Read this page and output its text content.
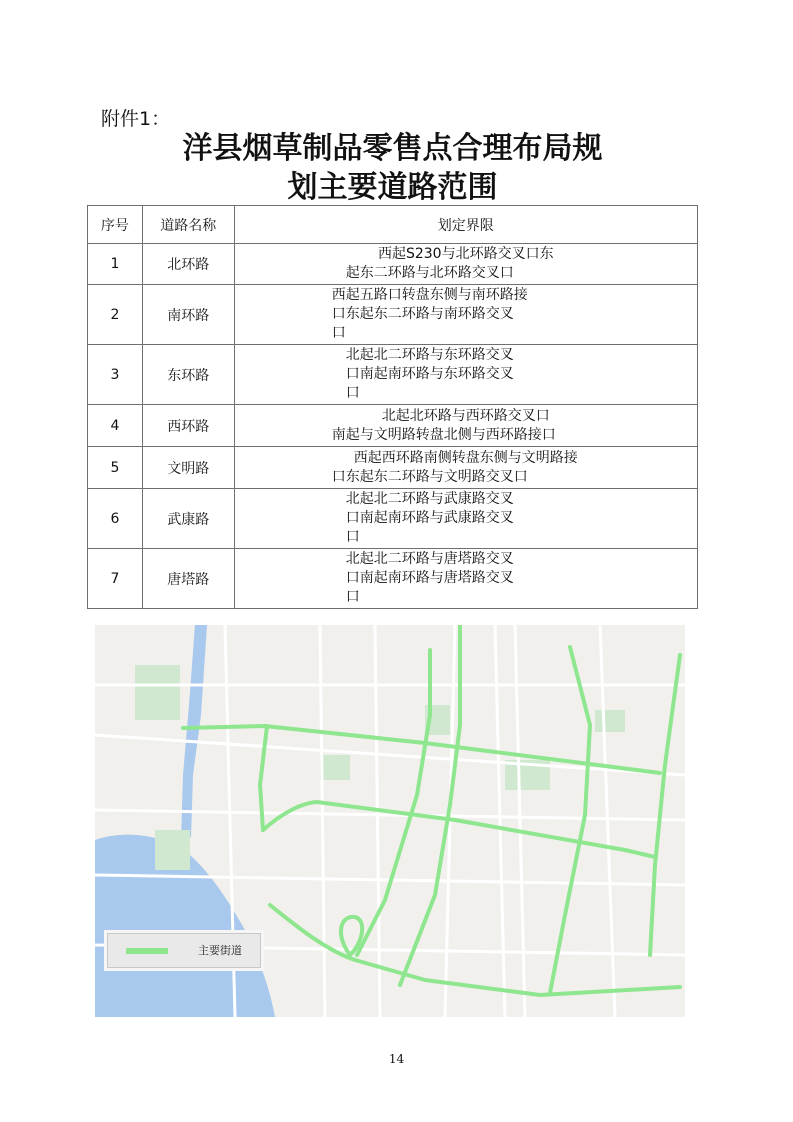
附件1：
洋县烟草制品零售点合理布局规
划主要道路范围
序号	道路名称	划定界限
1	北环路	西起S230与北环路交叉口东
起东二环路与北环路交叉口

2	南环路	西起五路口转盘东侧与南环路接
口东起东二环路与南环路交叉
口

3	东环路	北起北二环路与东环路交叉
口南起南环路与东环路交叉
口

4	西环路	北起北环路与西环路交叉口
南起与文明路转盘北侧与西环路接口

5	文明路	西起西环路南侧转盘东侧与文明路接
口东起东二环路与文明路交叉口

6	武康路	北起北二环路与武康路交叉
口南起南环路与武康路交叉
口

7	唐塔路	北起北二环路与唐塔路交叉
口南起南环路与唐塔路交叉
口
主要街道
14
